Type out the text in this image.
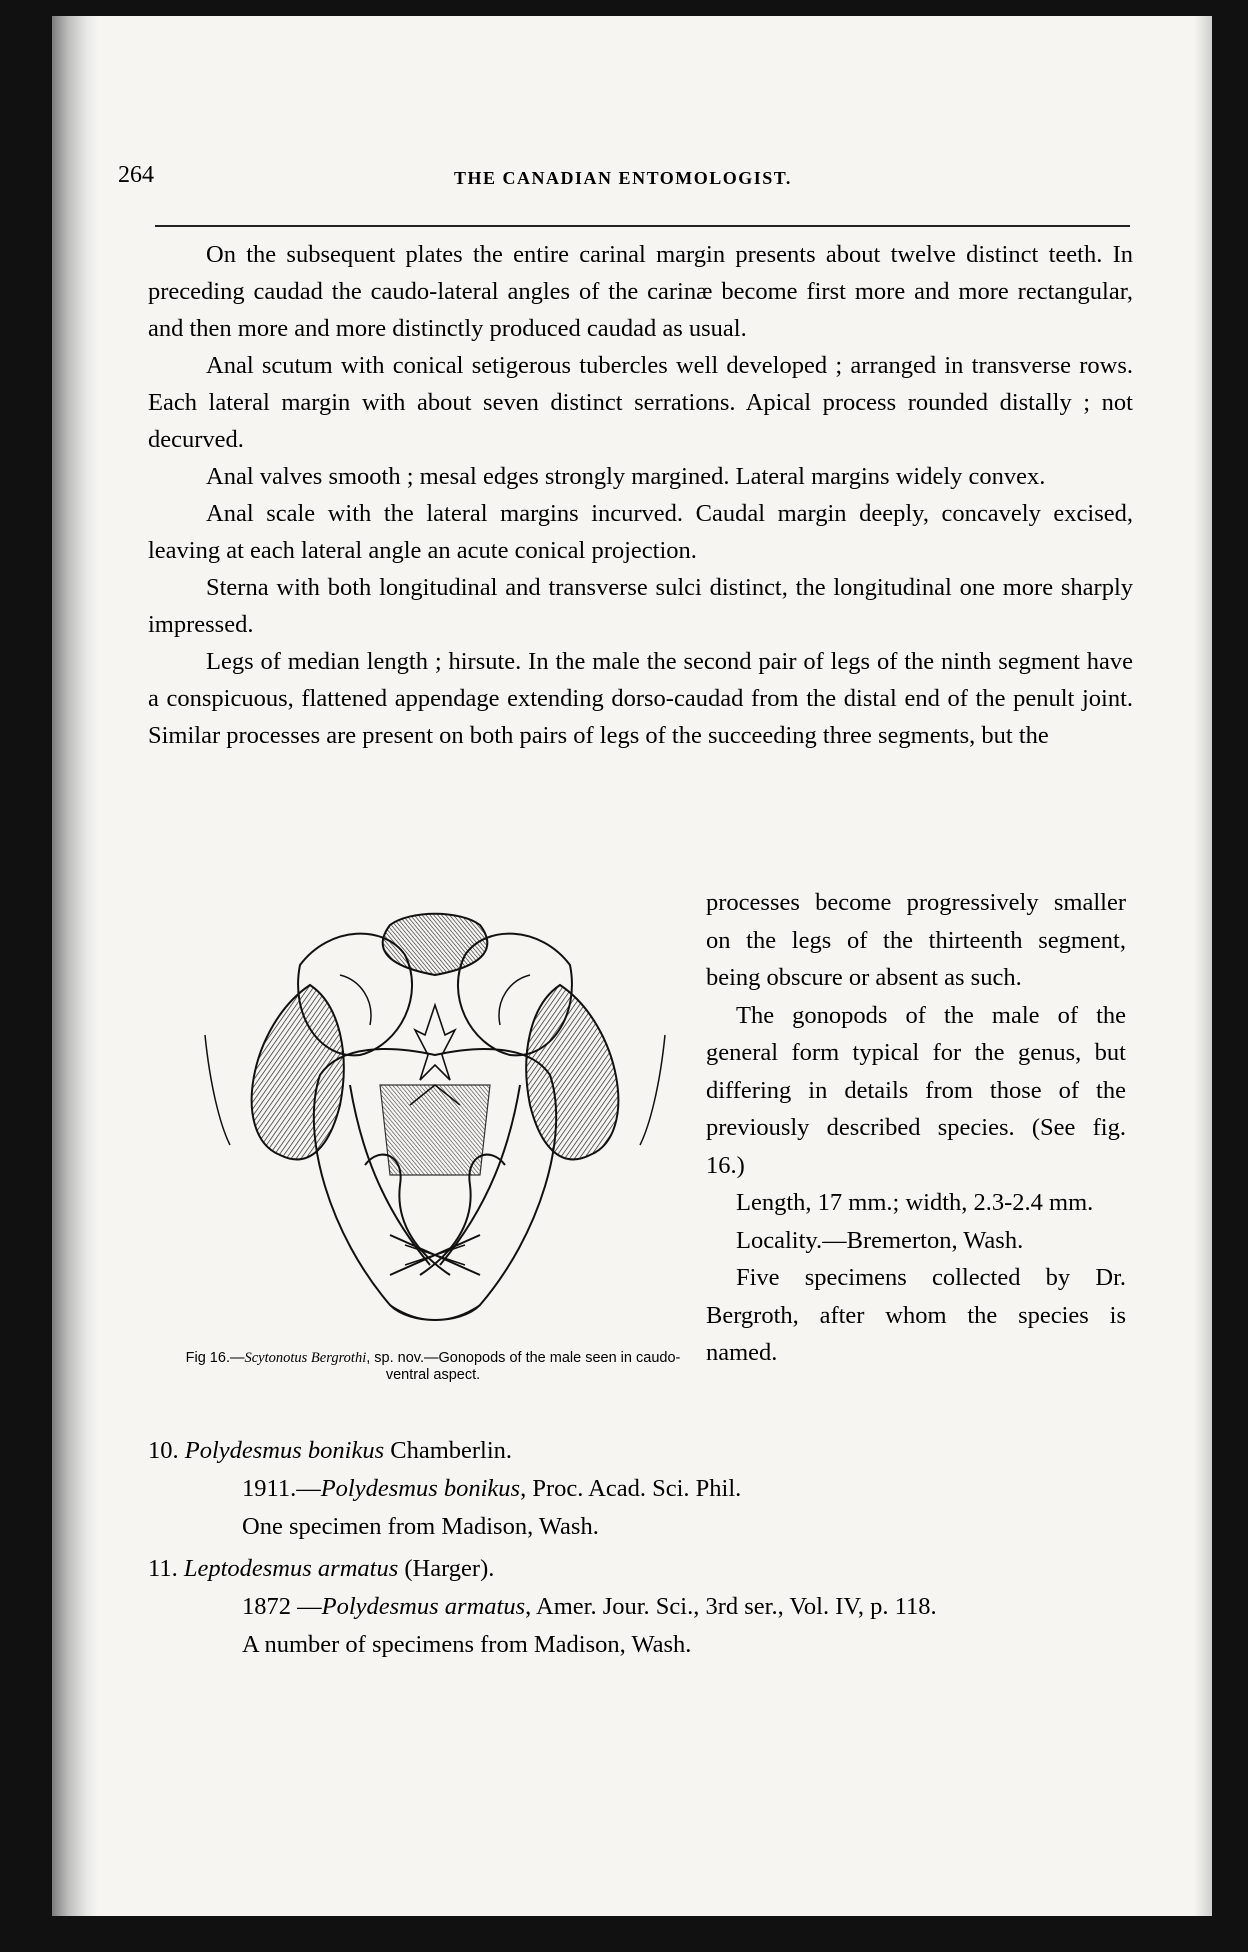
264	THE CANADIAN ENTOMOLOGIST.

On the subsequent plates the entire carinal margin presents about twelve distinct teeth. In preceding caudad the caudo-lateral angles of the carinæ become first more and more rectangular, and then more and more distinctly produced caudad as usual.

Anal scutum with conical setigerous tubercles well developed ; arranged in transverse rows. Each lateral margin with about seven distinct serrations. Apical process rounded distally ; not decurved.

Anal valves smooth ; mesal edges strongly margined. Lateral margins widely convex.

Anal scale with the lateral margins incurved. Caudal margin deeply, concavely excised, leaving at each lateral angle an acute conical projection.

Sterna with both longitudinal and transverse sulci distinct, the longitudinal one more sharply impressed.

Legs of median length ; hirsute. In the male the second pair of legs of the ninth segment have a conspicuous, flattened appendage extending dorso-caudad from the distal end of the penult joint. Similar processes are present on both pairs of legs of the succeeding three segments, but the

Fig 16.—Scytonotus Bergrothi, sp. nov.—Gonopods of the male seen in caudo-ventral aspect.

processes become progressively smaller on the legs of the thirteenth segment, being obscure or absent as such.

The gonopods of the male of the general form typical for the genus, but differing in details from those of the previously described species. (See fig. 16.)

Length, 17 mm.; width, 2.3-2.4 mm.

Locality.—Bremerton, Wash.

Five specimens collected by Dr. Bergroth, after whom the species is named.

10. Polydesmus bonikus Chamberlin.

1911.—Polydesmus bonikus, Proc. Acad. Sci. Phil.

One specimen from Madison, Wash.

11. Leptodesmus armatus (Harger).

1872 —Polydesmus armatus, Amer. Jour. Sci., 3rd ser., Vol. IV, p. 118.

A number of specimens from Madison, Wash.
